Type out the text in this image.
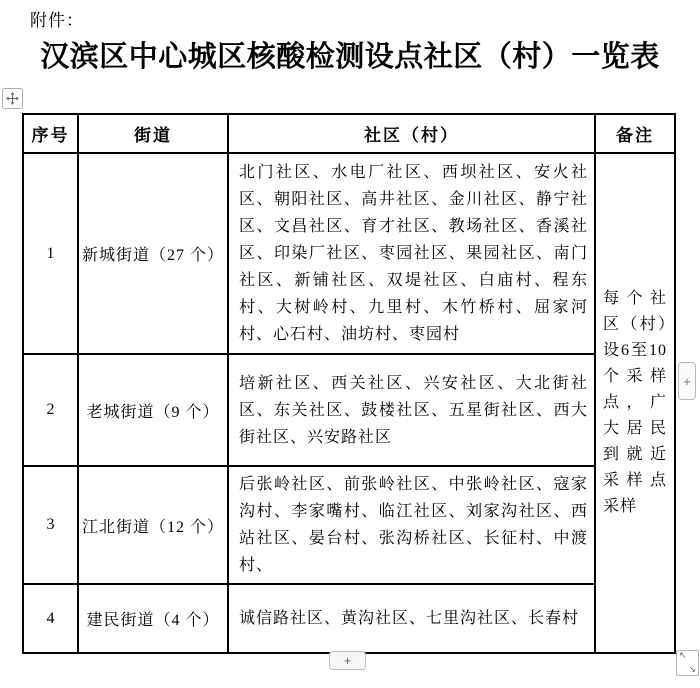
附件：
汉滨区中心城区核酸检测设点社区（村）一览表
序号	街道	社区（村）	备注
1	新城街道（27 个）	北门社区、水电厂社区、西坝社区、安火社区、朝阳社区、高井社区、金川社区、静宁社区、文昌社区、育才社区、教场社区、香溪社区、印染厂社区、枣园社区、果园社区、南门社区、新铺社区、双堤社区、白庙村、程东村、大树岭村、九里村、木竹桥村、屈家河村、心石村、油坊村、枣园村	每个社区（村）设6至10个采样点，广大居民到就近采样点采样
2	老城街道（9 个）	培新社区、西关社区、兴安社区、大北街社区、东关社区、鼓楼社区、五星街社区、西大街社区、兴安路社区	
3	江北街道（12 个）	后张岭社区、前张岭社区、中张岭社区、寇家沟村、李家嘴村、临江社区、刘家沟社区、西站社区、晏台村、张沟桥社区、长征村、中渡村、	
4	建民街道（4 个）	诚信路社区、黄沟社区、七里沟社区、长春村	
+
+	↖
↘
